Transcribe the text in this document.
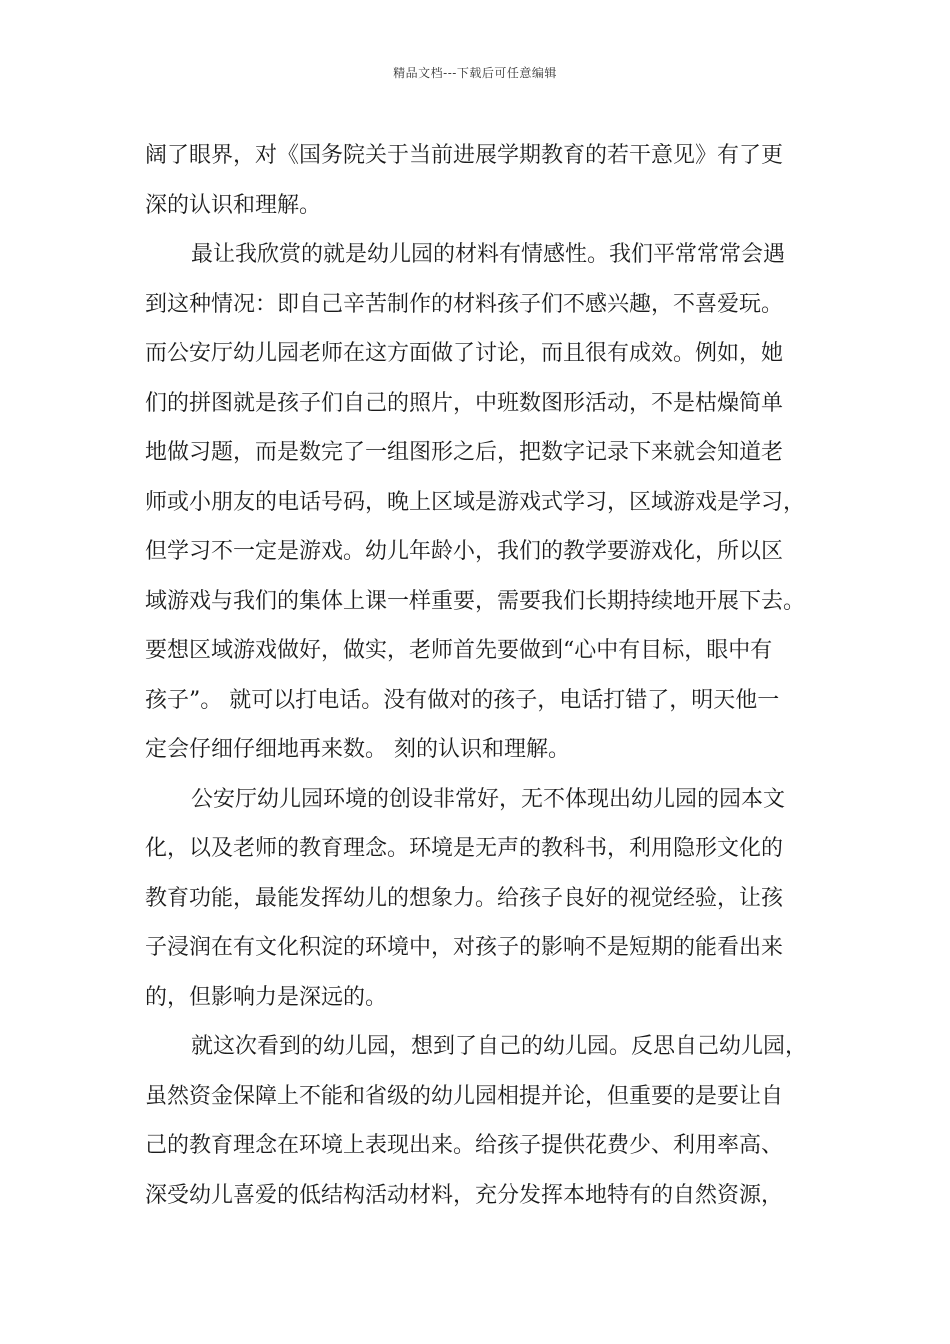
精品文档---下载后可任意编辑
阔了眼界，对《国务院关于当前进展学期教育的若干意见》有了更
深的认识和理解。
最让我欣赏的就是幼儿园的材料有情感性。我们平常常常会遇
到这种情况：即自己辛苦制作的材料孩子们不感兴趣，不喜爱玩。
而公安厅幼儿园老师在这方面做了讨论，而且很有成效。例如，她
们的拼图就是孩子们自己的照片，中班数图形活动，不是枯燥简单
地做习题，而是数完了一组图形之后，把数字记录下来就会知道老
师或小朋友的电话号码，晚上区域是游戏式学习，区域游戏是学习，
但学习不一定是游戏。幼儿年龄小，我们的教学要游戏化，所以区
域游戏与我们的集体上课一样重要，需要我们长期持续地开展下去。
要想区域游戏做好，做实，老师首先要做到“心中有目标，眼中有
孩子”。 就可以打电话。没有做对的孩子，电话打错了，明天他一
定会仔细仔细地再来数。 刻的认识和理解。
公安厅幼儿园环境的创设非常好，无不体现出幼儿园的园本文
化，以及老师的教育理念。环境是无声的教科书，利用隐形文化的
教育功能，最能发挥幼儿的想象力。给孩子良好的视觉经验，让孩
子浸润在有文化积淀的环境中，对孩子的影响不是短期的能看出来
的，但影响力是深远的。
就这次看到的幼儿园，想到了自己的幼儿园。反思自己幼儿园，
虽然资金保障上不能和省级的幼儿园相提并论，但重要的是要让自
己的教育理念在环境上表现出来。给孩子提供花费少、利用率高、
深受幼儿喜爱的低结构活动材料，充分发挥本地特有的自然资源，
